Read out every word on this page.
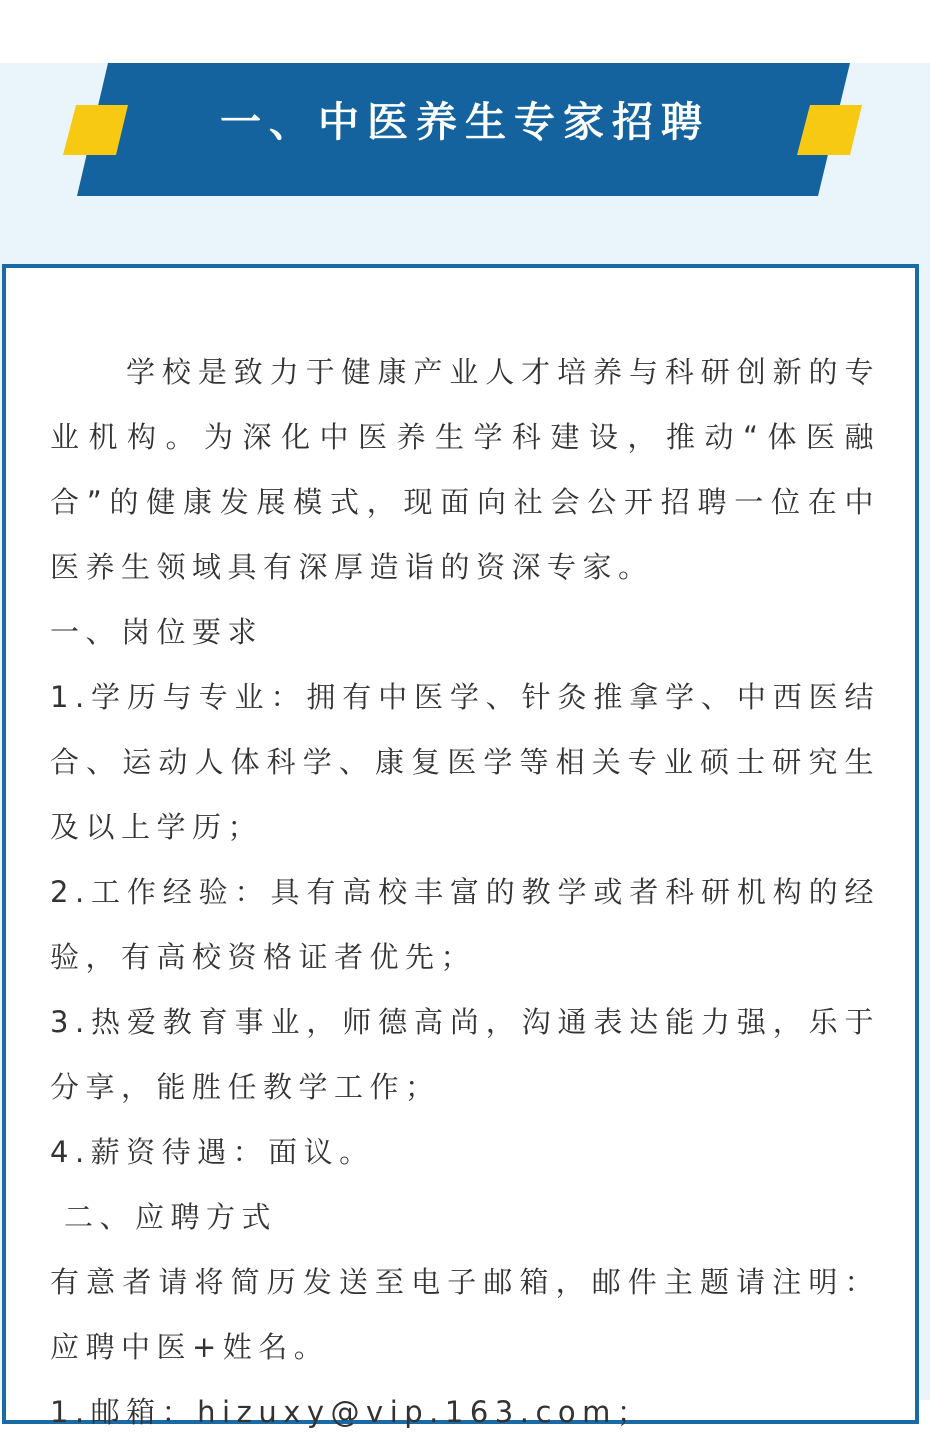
一、中医养生专家招聘

学校是致力于健康产业人才培养与科研创新的专业机构。为深化中医养生学科建设，推动“体医融合”的健康发展模式，现面向社会公开招聘一位在中医养生领域具有深厚造诣的资深专家。

一、岗位要求

1.学历与专业：拥有中医学、针灸推拿学、中西医结合、运动人体科学、康复医学等相关专业硕士研究生及以上学历；

2.工作经验：具有高校丰富的教学或者科研机构的经验，有高校资格证者优先；

3.热爱教育事业，师德高尚，沟通表达能力强，乐于分享，能胜任教学工作；

4.薪资待遇：面议。

二、应聘方式

有意者请将简历发送至电子邮箱，邮件主题请注明：应聘中医+姓名。

1.邮箱：hizuxy@vip.163.com；
